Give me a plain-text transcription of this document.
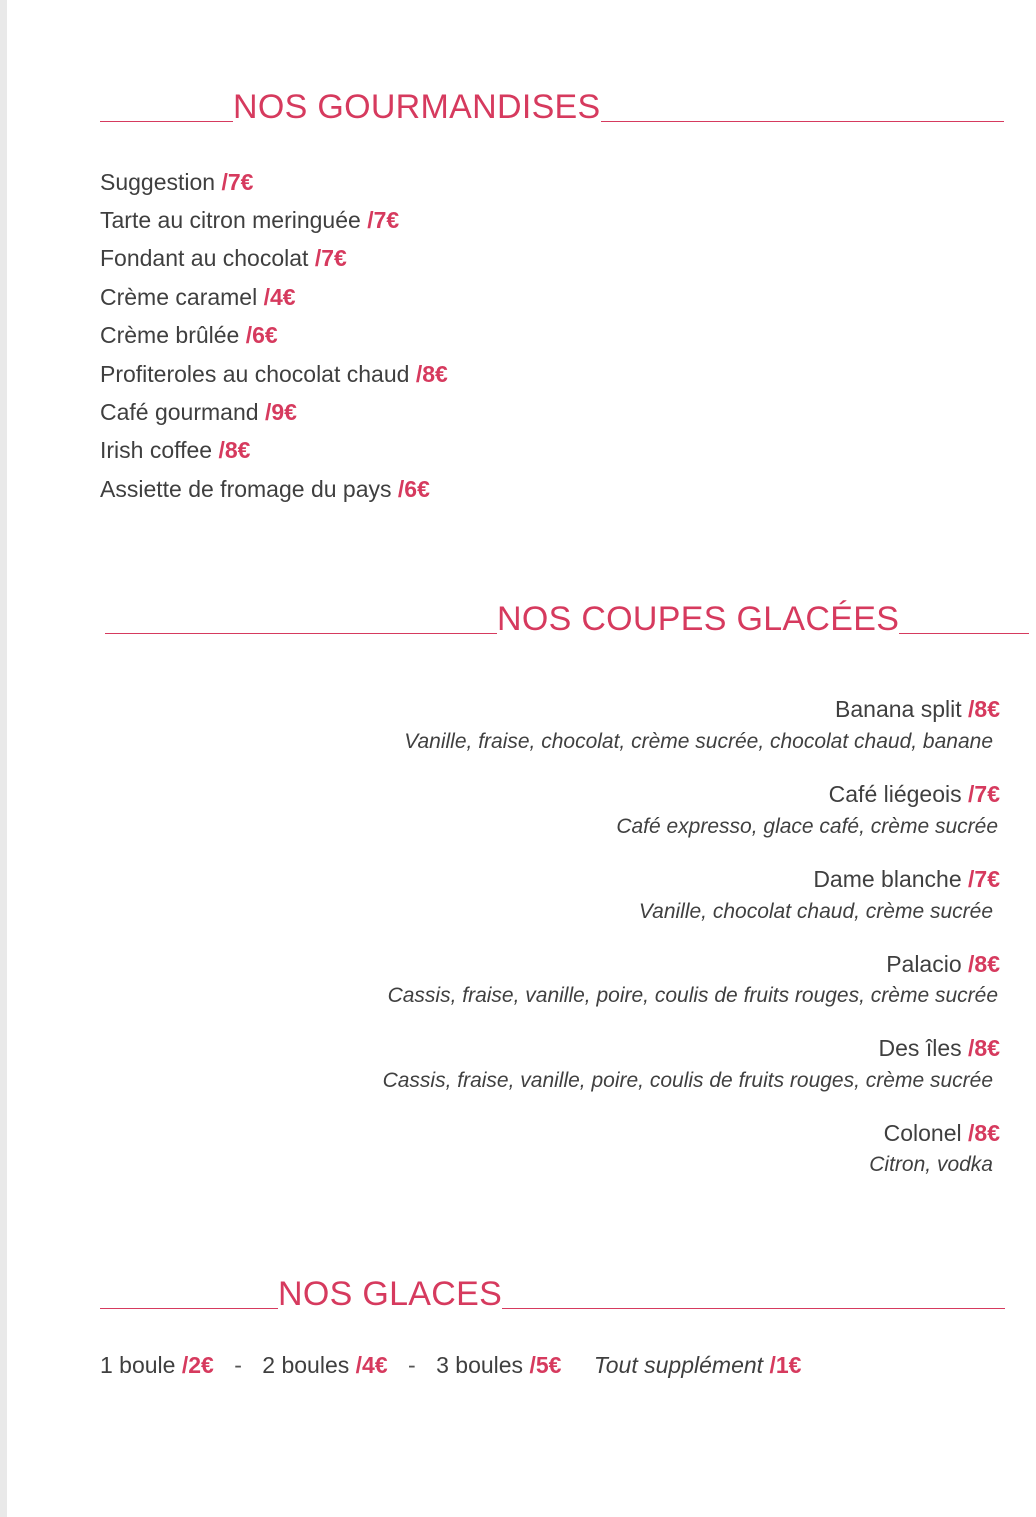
NOS GOURMANDISES
Suggestion /7€
Tarte au citron meringuée /7€
Fondant au chocolat /7€
Crème caramel /4€
Crème brûlée /6€
Profiteroles au chocolat chaud /8€
Café gourmand /9€
Irish coffee /8€
Assiette de fromage du pays /6€
NOS COUPES GLACÉES
Banana split /8€
Vanille, fraise, chocolat, crème sucrée, chocolat chaud, banane
Café liégeois /7€
Café expresso, glace café, crème sucrée
Dame blanche /7€
Vanille, chocolat chaud, crème sucrée
Palacio /8€
Cassis, fraise, vanille, poire, coulis de fruits rouges, crème sucrée
Des îles /8€
Cassis, fraise, vanille, poire, coulis de fruits rouges, crème sucrée
Colonel /8€
Citron, vodka
NOS GLACES
1 boule /2€ - 2 boules /4€ - 3 boules /5€ Tout supplément /1€
